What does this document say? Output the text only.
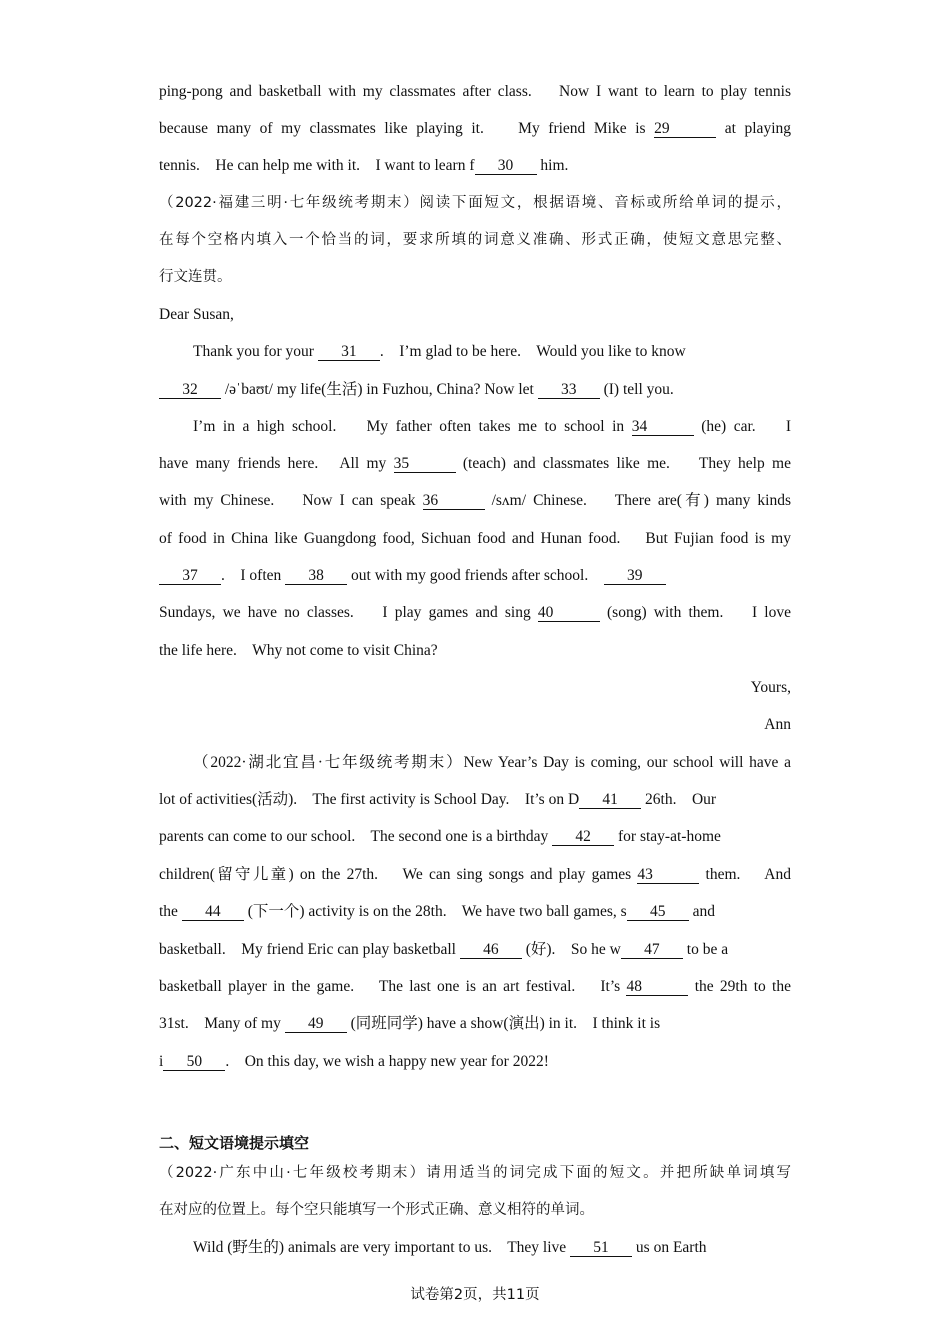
ping-pong and basketball with my classmates after class.    Now I want to learn to play tennis
because many of my classmates like playing it.    My friend Mike is 29	at playing
tennis.    He can help me with it.    I want to learn f 30 him.
（2022·福建三明·七年级统考期末）阅读下面短文，根据语境、音标或所给单词的提示，
在每个空格内填入一个恰当的词，要求所填的词意义准确、形式正确，使短文意思完整、
行文连贯。
Dear Susan,
Thank you for your 31 .    I’m glad to be here.    Would you like to know
32 /əˈbaʊt/ my life(生活) in Fuzhou, China? Now let 33 (I) tell you.
I’m in a high school.    My father often takes me to school in 34	(he) car.    I
have many friends here.   All my 35	(teach) and classmates like me.    They help me
with my Chinese.    Now I can speak 36	/sʌm/ Chinese.    There are(有) many kinds
of food in China like Guangdong food, Sichuan food and Hunan food.    But Fujian food is my
37 .    I often 38 out with my good friends after school.    39
Sundays, we have no classes.    I play games and sing 40	(song) with them.    I love
the life here.    Why not come to visit China?
Yours,
Ann
（2022·湖北宜昌·七年级统考期末）New Year’s Day is coming, our school will have a
lot of activities(活动).    The first activity is School Day.    It’s on D 41 26th.    Our
parents can come to our school.    The second one is a birthday 42 for stay-at-home
children(留守儿童) on the 27th.    We can sing songs and play games 43	them.    And
the 44 (下一个) activity is on the 28th.    We have two ball games, s 45 and
basketball.    My friend Eric can play basketball 46 (好).    So he w 47 to be a
basketball player in the game.    The last one is an art festival.    It’s 48	the 29th to the
31st.    Many of my 49 (同班同学) have a show(演出) in it.    I think it is
i 50 .    On this day, we wish a happy new year for 2022!
二、短文语境提示填空
（2022·广东中山·七年级校考期末）请用适当的词完成下面的短文。并把所缺单词填写
在对应的位置上。每个空只能填写一个形式正确、意义相符的单词。
Wild (野生的) animals are very important to us.    They live 51 us on Earth
试卷第2页，共11页
